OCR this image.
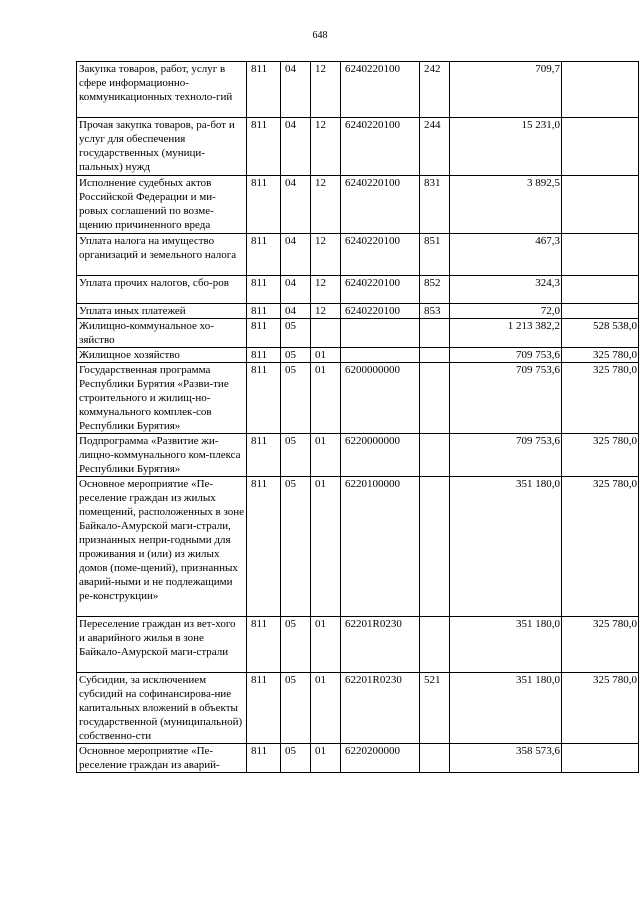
648
Закупка товаров, работ, услуг в сфере информационно-коммуникационных техноло-гий	811	04	12	6240220100	242	709,7	
Прочая закупка товаров, ра-бот и услуг для обеспечения государственных (муници-пальных) нужд	811	04	12	6240220100	244	15 231,0	
Исполнение судебных актов Российской Федерации и ми-ровых соглашений по возме-щению причиненного вреда	811	04	12	6240220100	831	3 892,5	
Уплата налога на имущество организаций и земельного налога	811	04	12	6240220100	851	467,3	
Уплата прочих налогов, сбо-ров	811	04	12	6240220100	852	324,3	
Уплата иных платежей	811	04	12	6240220100	853	72,0	
Жилищно-коммунальное хо-зяйство	811	05				1 213 382,2	528 538,0
Жилищное хозяйство	811	05	01			709 753,6	325 780,0
Государственная программа Республики Бурятия «Разви-тие строительного и жилищ-но-коммунального комплек-сов Республики Бурятия»	811	05	01	6200000000		709 753,6	325 780,0
Подпрограмма «Развитие жи-лищно-коммунального ком-плекса Республики Бурятия»	811	05	01	6220000000		709 753,6	325 780,0
Основное мероприятие «Пе-реселение граждан из жилых помещений, расположенных в зоне Байкало-Амурской маги-страли, признанных непри-годными для проживания и (или) из жилых домов (поме-щений), признанных аварий-ными и не подлежащими ре-конструкции»	811	05	01	6220100000		351 180,0	325 780,0
Переселение граждан из вет-хого и аварийного жилья в зоне Байкало-Амурской маги-страли	811	05	01	62201R0230		351 180,0	325 780,0
Субсидии, за исключением субсидий на софинансирова-ние капитальных вложений в объекты государственной (муниципальной) собственно-сти	811	05	01	62201R0230	521	351 180,0	325 780,0
Основное мероприятие «Пе-реселение граждан из аварий-	811	05	01	6220200000		358 573,6	
